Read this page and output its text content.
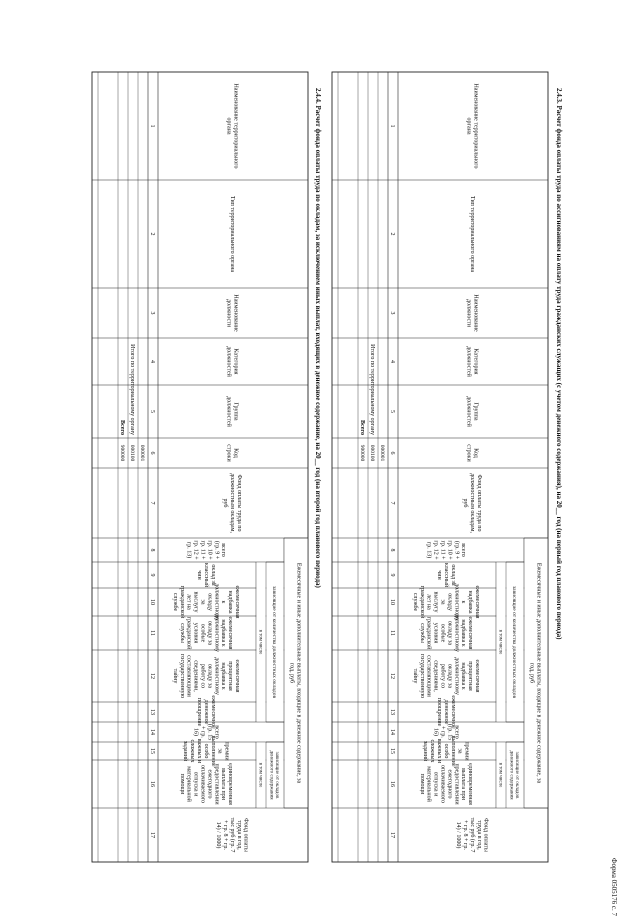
Форма 0505176 с. 7
2.4.3. Расчет фонда оплаты труда по ассигнованиям на оплату труда гражданских служащих (с учетом денежного содержания), на 20__ год (на первый год планового периода)
Ежемесячные и иные дополнительные выплаты, входящие в денежное содержание, загод, руб
зависящие от количества должностных окладов
в том числе
зависящие от окладовденежного содержания
в том числе
Наименование территориальногооргана
Тип территориального органа
Наименованиедолжности
Категориядолжностей
Группадолжностей
Кодстроки
Фонд оплаты труда подолжностным окладам,руб
всего(гр. 9 +гр. 10 +гр. 11 +гр. 12 +гр. 13)
оклад заклассныйчин
ежемесячнаянадбавкакдолжностномуокладузавыслугулет награжданскойслужбе
ежемесячнаянадбавка кдолжностномуокладу заособыеусловиягражданскойслужбы
ежемесячнаяпроцентнаянадбавка кдолжностномуокладу заработу сосведениями,составляющимигосударственнуютайну
ежемесячноеденежноепоощрение
всего(гр. 15+ гр.16)
премиизавыполнениеособоважных исложныхзаданий
единовременнаявыплата припредоставленииежегодногооплачиваемогоотпуска иматериальнойпомощи
Фонд оплатытруда в год,тыс руб (гр. 7+ гр. 8 + гр.14) / 1000)
1
2
3
4
5
6
7
8
9
10
11
12
13
14
15
16
17
000001
000100
900000
Итого по территориальному органу
Всего
2.4.4. Расчет фонда оплаты труда по окладам, за исключением иных выплат, входящих в денежное содержание, на 20__ год (на второй год планового периода)
Ежемесячные и иные дополнительные выплаты, входящие в денежное содержание, загод, руб
зависящие от количества должностных окладов
в том числе
зависящие от окладовденежного содержания
в том числе
Наименование территориальногооргана
Тип территориального органа
Наименованиедолжности
Категориядолжностей
Группадолжностей
Кодстроки
Фонд оплаты труда подолжностным окладам,руб
всего(гр. 9 +гр. 10 +гр. 11 +гр. 12 +гр. 13)
оклад заклассныйчин
ежемесячнаянадбавкакдолжностномуокладузавыслугулет награжданскойслужбе
ежемесячнаянадбавка кдолжностномуокладу заособыеусловиягражданскойслужбы
ежемесячнаяпроцентнаянадбавка кдолжностномуокладу заработу сосведениями,составляющимигосударственнуютайну
ежемесячноеденежноепоощрение
всего(гр. 15+ гр.16)
премиизавыполнениеособоважных исложныхзаданий
единовременнаявыплата припредоставленииежегодногооплачиваемогоотпуска иматериальнойпомощи
Фонд оплатытруда в год,тыс руб (гр. 7+ гр. 8 + гр.14) / 1000)
1
2
3
4
5
6
7
8
9
10
11
12
13
14
15
16
17
000001
000100
900000
Итого по территориальному органу
Всего
